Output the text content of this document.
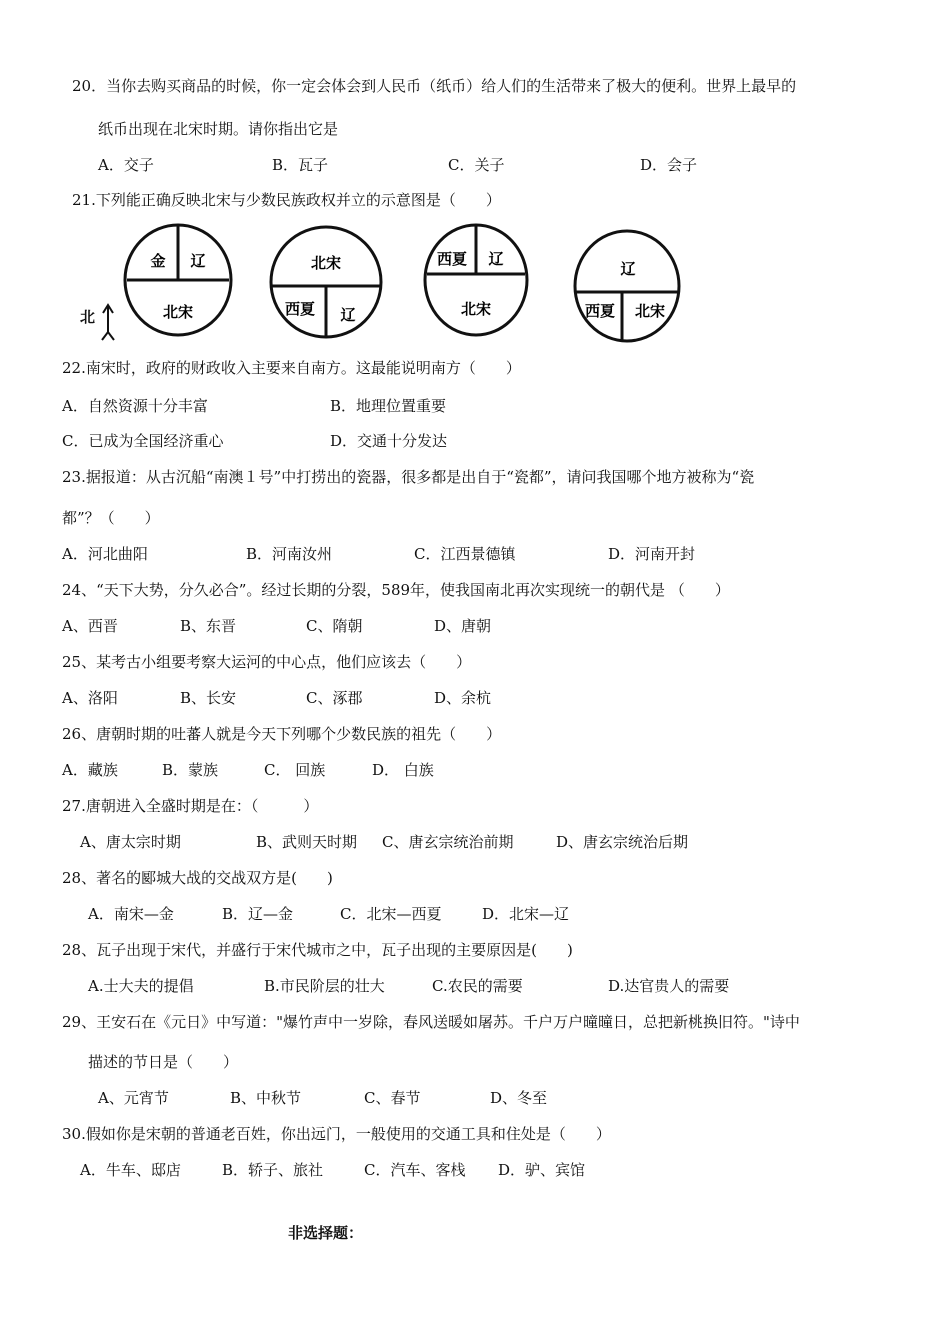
20．当你去购买商品的时候，你一定会体会到人民币（纸币）给人们的生活带来了极大的便利。世界上最早的
纸币出现在北宋时期。请你指出它是
A．交子	B．瓦子	C．关子	D．会子
21.下列能正确反映北宋与少数民族政权并立的示意图是（　　）
北
金 辽
北宋
北宋
西夏 辽
西夏 辽
北宋
辽
西夏 北宋
22.南宋时，政府的财政收入主要来自南方。这最能说明南方（　　）
A．自然资源十分丰富	B．地理位置重要
C．已成为全国经济重心	D．交通十分发达
23.据报道：从古沉船“南澳１号”中打捞出的瓷器，很多都是出自于“瓷都”，请问我国哪个地方被称为“瓷
都”？（　　）
A．河北曲阳	B．河南汝州	C．江西景德镇	D．河南开封
24、“天下大势，分久必合”。经过长期的分裂，589年，使我国南北再次实现统一的朝代是 （　　）
A、西晋	B、东晋	C、隋朝	D、唐朝
25、某考古小组要考察大运河的中心点，他们应该去（　　）
A、洛阳	B、长安	C、涿郡	D、余杭
26、唐朝时期的吐蕃人就是今天下列哪个少数民族的祖先（　　）
A．藏族	B．蒙族	C． 回族	D． 白族
27.唐朝进入全盛时期是在：（　　　）
A、唐太宗时期	B、武则天时期 C、唐玄宗统治前期	D、唐玄宗统治后期
28、著名的郾城大战的交战双方是(　　)
A．南宋—金	B．辽—金	C．北宋—西夏	D．北宋—辽
28、瓦子出现于宋代，并盛行于宋代城市之中，瓦子出现的主要原因是(　　)
A.士大夫的提倡	B.市民阶层的壮大	C.农民的需要	D.达官贵人的需要
29、王安石在《元日》中写道："爆竹声中一岁除，春风送暖如屠苏。千户万户曈曈日，总把新桃换旧符。"诗中
描述的节日是（　　）
A、元宵节	B、中秋节	C、春节	D、冬至
30.假如你是宋朝的普通老百姓，你出远门，一般使用的交通工具和住处是（　　）
A．牛车、邸店	B．轿子、旅社	C．汽车、客栈 D．驴、宾馆
非选择题：
